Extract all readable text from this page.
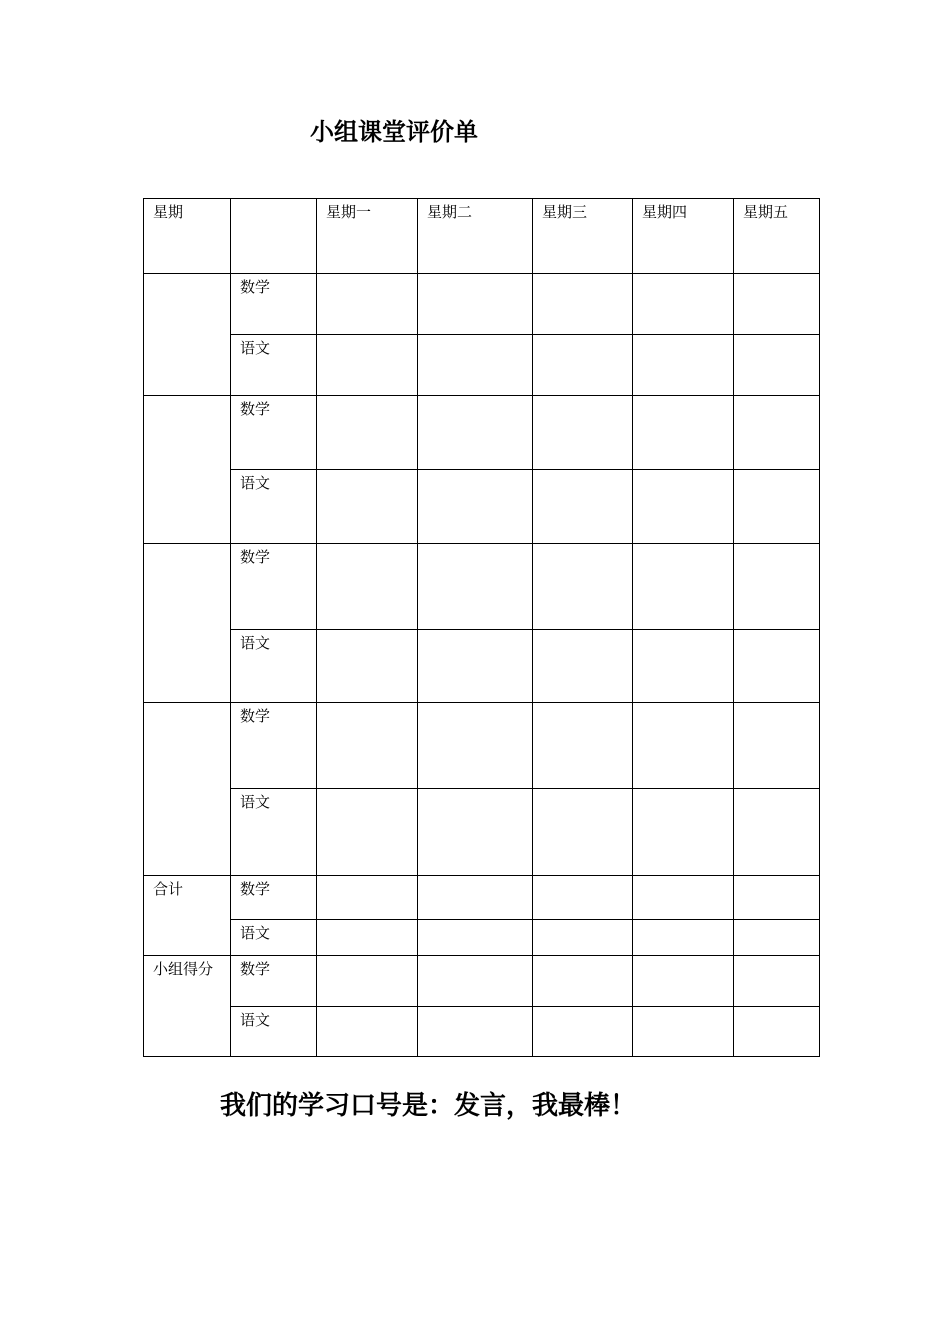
小组课堂评价单
星期		星期一	星期二	星期三	星期四	星期五
	数学					
	语文					
	数学					
	语文					
	数学					
	语文					
	数学					
	语文					
合计	数学					
	语文					
小组得分	数学					
	语文					
我们的学习口号是：发言，我最棒！
